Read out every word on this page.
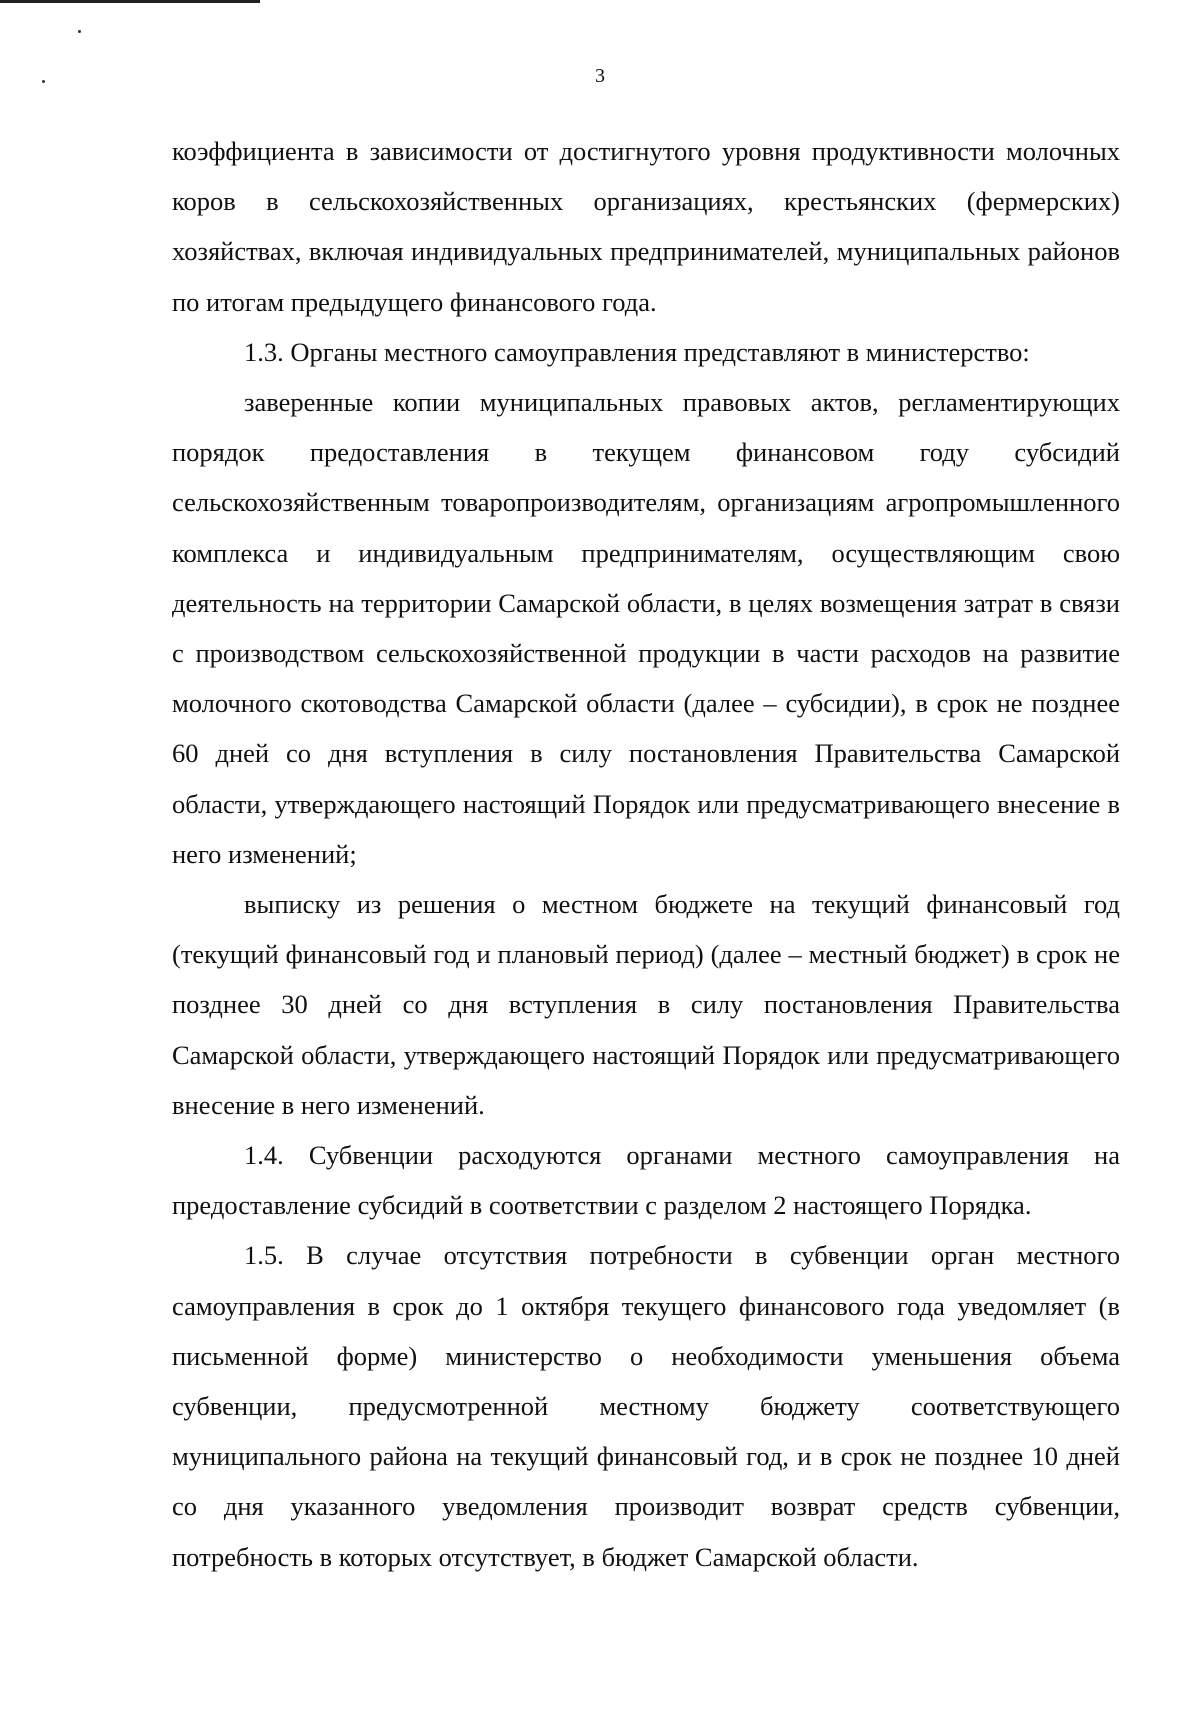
3

коэффициента в зависимости от достигнутого уровня продуктивности молочных коров в сельскохозяйственных организациях, крестьянских (фермерских) хозяйствах, включая индивидуальных предпринимателей, муниципальных районов по итогам предыдущего финансового года.

1.3. Органы местного самоуправления представляют в министерство:

заверенные копии муниципальных правовых актов, регламентирующих порядок предоставления в текущем финансовом году субсидий сельскохозяйственным товаропроизводителям, организациям агропромышленного комплекса и индивидуальным предпринимателям, осуществляющим свою деятельность на территории Самарской области, в целях возмещения затрат в связи с производством сельскохозяйственной продукции в части расходов на развитие молочного скотоводства Самарской области (далее – субсидии), в срок не позднее 60 дней со дня вступления в силу постановления Правительства Самарской области, утверждающего настоящий Порядок или предусматривающего внесение в него изменений;

выписку из решения о местном бюджете на текущий финансовый год (текущий финансовый год и плановый период) (далее – местный бюджет) в срок не позднее 30 дней со дня вступления в силу постановления Правительства Самарской области, утверждающего настоящий Порядок или предусматривающего внесение в него изменений.

1.4. Субвенции расходуются органами местного самоуправления на предоставление субсидий в соответствии с разделом 2 настоящего Порядка.

1.5. В случае отсутствия потребности в субвенции орган местного самоуправления в срок до 1 октября текущего финансового года уведомляет (в письменной форме) министерство о необходимости уменьшения объема субвенции, предусмотренной местному бюджету соответствующего муниципального района на текущий финансовый год, и в срок не позднее 10 дней со дня указанного уведомления производит возврат средств субвенции, потребность в которых отсутствует, в бюджет Самарской области.
